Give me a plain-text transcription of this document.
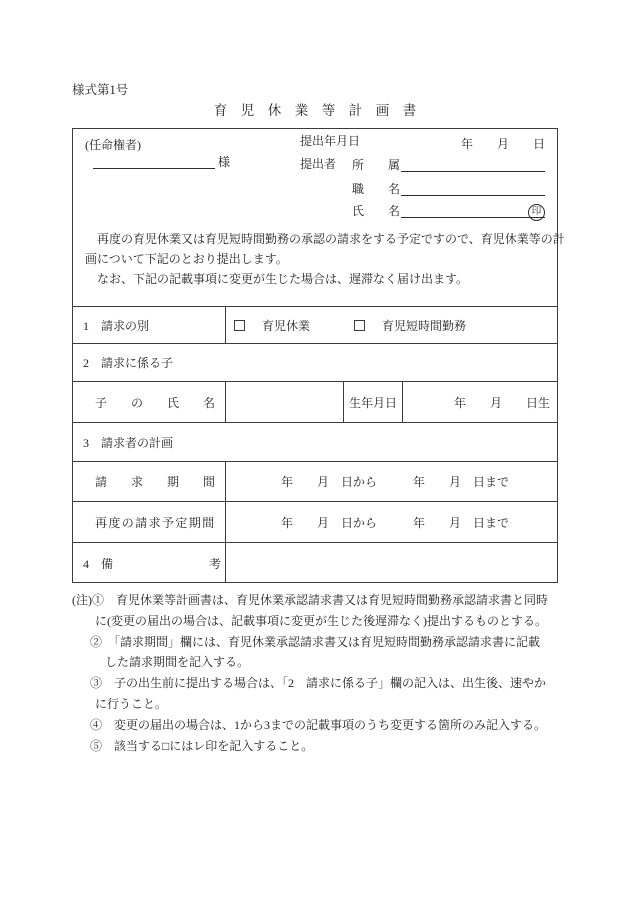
様式第1号
育　児　休　業　等　計　画　書
(任命権者)
様
提出年月日	年　　月　　日
提出者	所　　属
職　　名
氏　　名	印
　再度の育児休業又は育児短時間勤務の承認の請求をする予定ですので、育児休業等の計
画について下記のとおり提出します。
　なお、下記の記載事項に変更が生じた場合は、遅滞なく届け出ます。
1　請求の別	育児休業	育児短時間勤務
2　請求に係る子
子　　の　　氏　　名	生年月日	年　　月　　日生
3　請求者の計画
請　　求　　期　　間	年　　月　日から　　　年　　月　日まで
再度の請求予定期間	年　　月　日から　　　年　　月　日まで
4　備　　　　　　　　考
(注)①　育児休業等計画書は、育児休業承認請求書又は育児短時間勤務承認請求書と同時
に(変更の届出の場合は、記載事項に変更が生じた後遅滞なく)提出するものとする。
②　「請求期間」欄には、育児休業承認請求書又は育児短時間勤務承認請求書に記載
した請求期間を記入する。
③　子の出生前に提出する場合は、「2　請求に係る子」欄の記入は、出生後、速やか
に行うこと。
④　変更の届出の場合は、1から3までの記載事項のうち変更する箇所のみ記入する。
⑤　該当する□にはレ印を記入すること。
